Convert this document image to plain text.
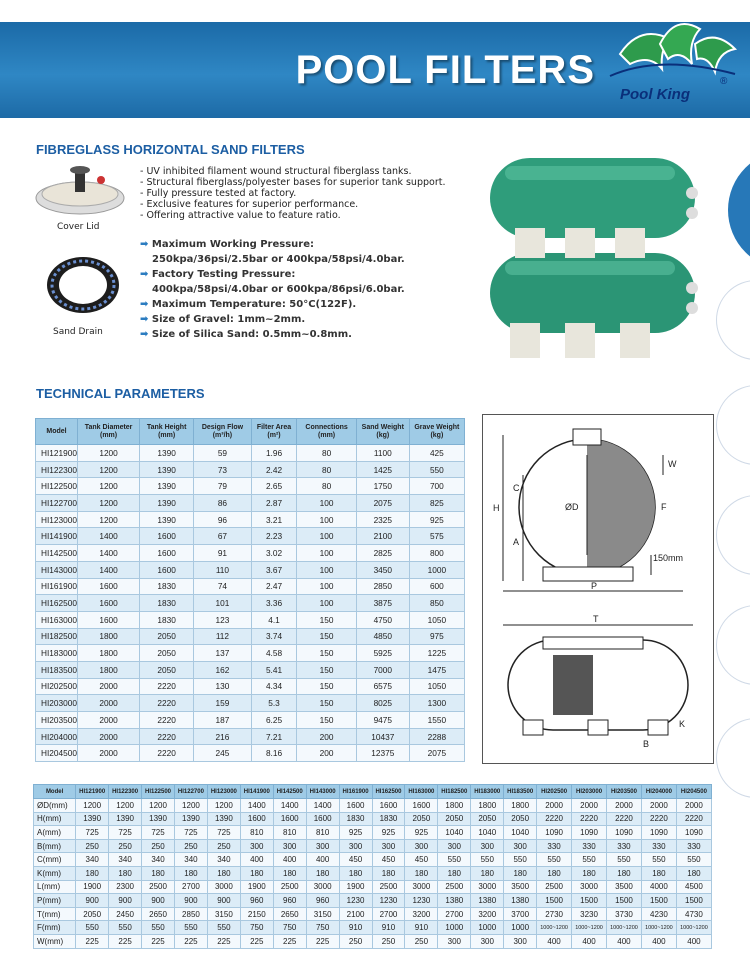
POOL FILTERS
Pool King
®
FIBREGLASS HORIZONTAL SAND FILTERS
Cover Lid
Sand Drain
- UV inhibited filament wound structural fiberglass tanks.
- Structural fiberglass/polyester bases for superior tank support.
- Fully pressure tested at factory.
- Exclusive features for superior performance.
- Offering attractive value to feature ratio.
➡ Maximum Working Pressure:
250kpa/36psi/2.5bar or 400kpa/58psi/4.0bar.
➡ Factory Testing Pressure:
400kpa/58psi/4.0bar or 600kpa/86psi/6.0bar.
➡ Maximum Temperature: 50°C(122F).
➡ Size of Gravel: 1mm~2mm.
➡ Size of Silica Sand: 0.5mm~0.8mm.
TECHNICAL PARAMETERS
Model	Tank Diameter (mm)	Tank Height (mm)	Design Flow (m³/h)	Filter Area (m²)	Connections (mm)	Sand Weight (kg)	Grave Weight (kg)
HI121900	1200	1390	59	1.96	80	1100	425
HI122300	1200	1390	73	2.42	80	1425	550
HI122500	1200	1390	79	2.65	80	1750	700
HI122700	1200	1390	86	2.87	100	2075	825
HI123000	1200	1390	96	3.21	100	2325	925
HI141900	1400	1600	67	2.23	100	2100	575
HI142500	1400	1600	91	3.02	100	2825	800
HI143000	1400	1600	110	3.67	100	3450	1000
HI161900	1600	1830	74	2.47	100	2850	600
HI162500	1600	1830	101	3.36	100	3875	850
HI163000	1600	1830	123	4.1	150	4750	1050
HI182500	1800	2050	112	3.74	150	4850	975
HI183000	1800	2050	137	4.58	150	5925	1225
HI183500	1800	2050	162	5.41	150	7000	1475
HI202500	2000	2220	130	4.34	150	6575	1050
HI203000	2000	2220	159	5.3	150	8025	1300
HI203500	2000	2220	187	6.25	150	9475	1550
HI204000	2000	2220	216	7.21	200	10437	2288
HI204500	2000	2220	245	8.16	200	12375	2075
W
C
H	ØD	F
A
150mm
P
T
K
B
Model	HI121900	HI122300	HI122500	HI122700	HI123000	HI141900	HI142500	HI143000	HI161900	HI162500	HI163000	HI182500	HI183000	HI183500	HI202500	HI203000	HI203500	HI204000	HI204500
ØD(mm)	1200	1200	1200	1200	1200	1400	1400	1400	1600	1600	1600	1800	1800	1800	2000	2000	2000	2000	2000
H(mm)	1390	1390	1390	1390	1390	1600	1600	1600	1830	1830	2050	2050	2050	2050	2220	2220	2220	2220	2220
A(mm)	725	725	725	725	725	810	810	810	925	925	925	1040	1040	1040	1090	1090	1090	1090	1090
B(mm)	250	250	250	250	250	300	300	300	300	300	300	300	300	300	330	330	330	330	330
C(mm)	340	340	340	340	340	400	400	400	450	450	450	550	550	550	550	550	550	550	550
K(mm)	180	180	180	180	180	180	180	180	180	180	180	180	180	180	180	180	180	180	180
L(mm)	1900	2300	2500	2700	3000	1900	2500	3000	1900	2500	3000	2500	3000	3500	2500	3000	3500	4000	4500
P(mm)	900	900	900	900	900	960	960	960	1230	1230	1230	1380	1380	1380	1500	1500	1500	1500	1500
T(mm)	2050	2450	2650	2850	3150	2150	2650	3150	2100	2700	3200	2700	3200	3700	2730	3230	3730	4230	4730
F(mm)	550	550	550	550	550	750	750	750	910	910	910	1000	1000	1000	1000~1200	1000~1200	1000~1200	1000~1200	1000~1200
W(mm)	225	225	225	225	225	225	225	225	250	250	250	300	300	300	400	400	400	400	400
